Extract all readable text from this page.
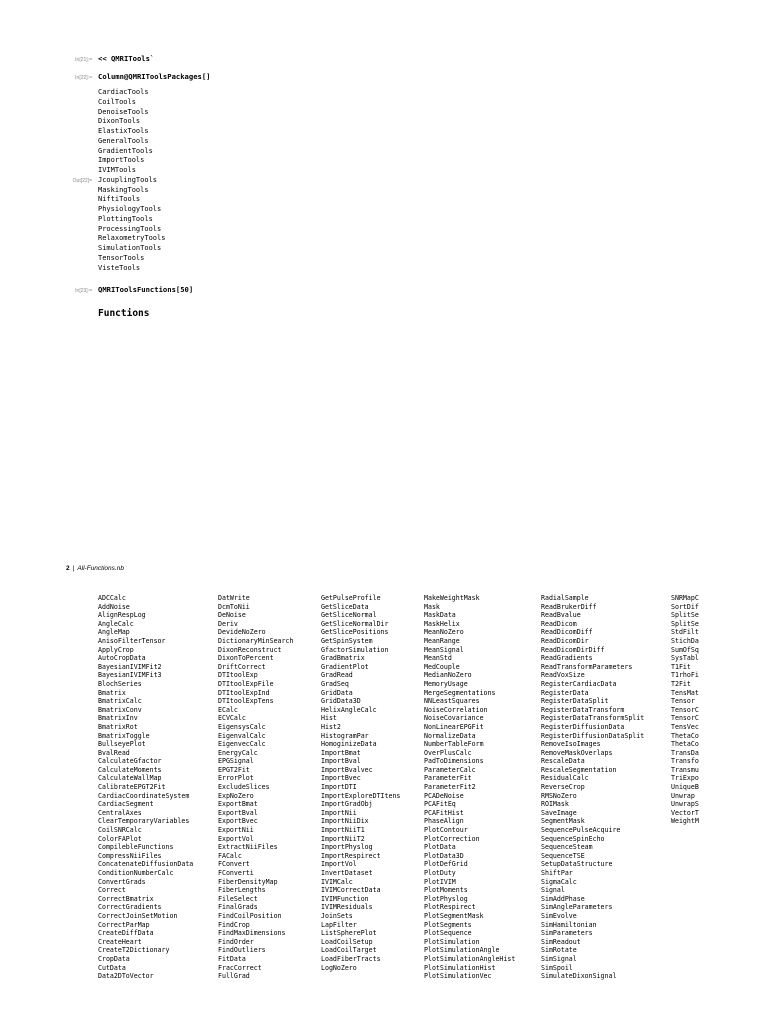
In[21]:= << QMRITools`
In[22]:= Column@QMRIToolsPackages[]
Out[22]=
CardiacTools
CoilTools
DenoiseTools
DixonTools
ElastixTools
GeneralTools
GradientTools
ImportTools
IVIMTools
JcouplingTools
MaskingTools
NiftiTools
PhysiologyTools
PlottingTools
ProcessingTools
RelaxometryTools
SimulationTools
TensorTools
VisteTools
In[23]:= QMRIToolsFunctions[50]
Functions
2 | All-Functions.nb
ADCCalc
AddNoise
AlignRespLog
AngleCalc
AngleMap
AnisoFilterTensor
ApplyCrop
AutoCropData
BayesianIVIMFit2
BayesianIVIMFit3
BlochSeries
Bmatrix
BmatrixCalc
BmatrixConv
BmatrixInv
BmatrixRot
BmatrixToggle
BullseyePlot
BvalRead
CalculateGfactor
CalculateMoments
CalculateWallMap
CalibrateEPGT2Fit
CardiacCoordinateSystem
CardiacSegment
CentralAxes
ClearTemporaryVariables
CoilSNRCalc
ColorFAPlot
CompilebleFunctions
CompressNiiFiles
ConcatenateDiffusionData
ConditionNumberCalc
ConvertGrads
Correct
CorrectBmatrix
CorrectGradients
CorrectJoinSetMotion
CorrectParMap
CreateDiffData
CreateHeart
CreateT2Dictionary
CropData
CutData
Data2DToVector
DatWrite
DcmToNii
DeNoise
Deriv
DevideNoZero
DictionaryMinSearch
DixonReconstruct
DixonToPercent
DriftCorrect
DTItoolExp
DTItoolExpFile
DTItoolExpInd
DTItoolExpTens
ECalc
ECVCalc
EigensysCalc
EigenvalCalc
EigenvecCalc
EnergyCalc
EPGSignal
EPGT2Fit
ErrorPlot
ExcludeSlices
ExpNoZero
ExportBmat
ExportBval
ExportBvec
ExportNii
ExportVol
ExtractNiiFiles
FACalc
FConvert
FConverti
FiberDensityMap
FiberLengths
FileSelect
FinalGrads
FindCoilPosition
FindCrop
FindMaxDimensions
FindOrder
FindOutliers
FitData
FracCorrect
FullGrad
GetPulseProfile
GetSliceData
GetSliceNormal
GetSliceNormalDir
GetSlicePositions
GetSpinSystem
GfactorSimulation
GradBmatrix
GradientPlot
GradRead
GradSeq
GridData
GridData3D
HelixAngleCalc
Hist
Hist2
HistogramPar
HomoginizeData
ImportBmat
ImportBval
ImportBvalvec
ImportBvec
ImportDTI
ImportExploreDTItens
ImportGradObj
ImportNii
ImportNiiDix
ImportNiiT1
ImportNiiT2
ImportPhyslog
ImportRespirect
ImportVol
InvertDataset
IVIMCalc
IVIMCorrectData
IVIMFunction
IVIMResiduals
JoinSets
LapFilter
ListSpherePlot
LoadCoilSetup
LoadCoilTarget
LoadFiberTracts
LogNoZero
MakeWeightMask
Mask
MaskData
MaskHelix
MeanNoZero
MeanRange
MeanSignal
MeanStd
MedCouple
MedianNoZero
MemoryUsage
MergeSegmentations
NNLeastSquares
NoiseCorrelation
NoiseCovariance
NonLinearEPGFit
NormalizeData
NumberTableForm
OverPlusCalc
PadToDimensions
ParameterCalc
ParameterFit
ParameterFit2
PCADeNoise
PCAFitEq
PCAFitHist
PhaseAlign
PlotContour
PlotCorrection
PlotData
PlotData3D
PlotDefGrid
PlotDuty
PlotIVIM
PlotMoments
PlotPhyslog
PlotRespirect
PlotSegmentMask
PlotSegments
PlotSequence
PlotSimulation
PlotSimulationAngle
PlotSimulationAngleHist
PlotSimulationHist
PlotSimulationVec
RadialSample
ReadBrukerDiff
ReadBvalue
ReadDicom
ReadDicomDiff
ReadDicomDir
ReadDicomDirDiff
ReadGradients
ReadTransformParameters
ReadVoxSize
RegisterCardiacData
RegisterData
RegisterDataSplit
RegisterDataTransform
RegisterDataTransformSplit
RegisterDiffusionData
RegisterDiffusionDataSplit
RemoveIsoImages
RemoveMaskOverlaps
RescaleData
RescaleSegmentation
ResidualCalc
ReverseCrop
RMSNoZero
ROIMask
SaveImage
SegmentMask
SequencePulseAcquire
SequenceSpinEcho
SequenceSteam
SequenceTSE
SetupDataStructure
ShiftPar
SigmaCalc
Signal
SimAddPhase
SimAngleParameters
SimEvolve
SimHamiltonian
SimParameters
SimReadout
SimRotate
SimSignal
SimSpoil
SimulateDixonSignal
SNRMapC
SortDif
SplitSe
SplitSe
StdFilt
StichDa
SumOfSq
SysTabl
T1Fit
T1rhoFi
T2Fit
TensMat
Tensor
TensorC
TensorC
TensVec
ThetaCo
ThetaCo
TransDa
Transfo
Transmu
TriExpo
UniqueB
Unwrap
UnwrapS
VectorT
WeightM
